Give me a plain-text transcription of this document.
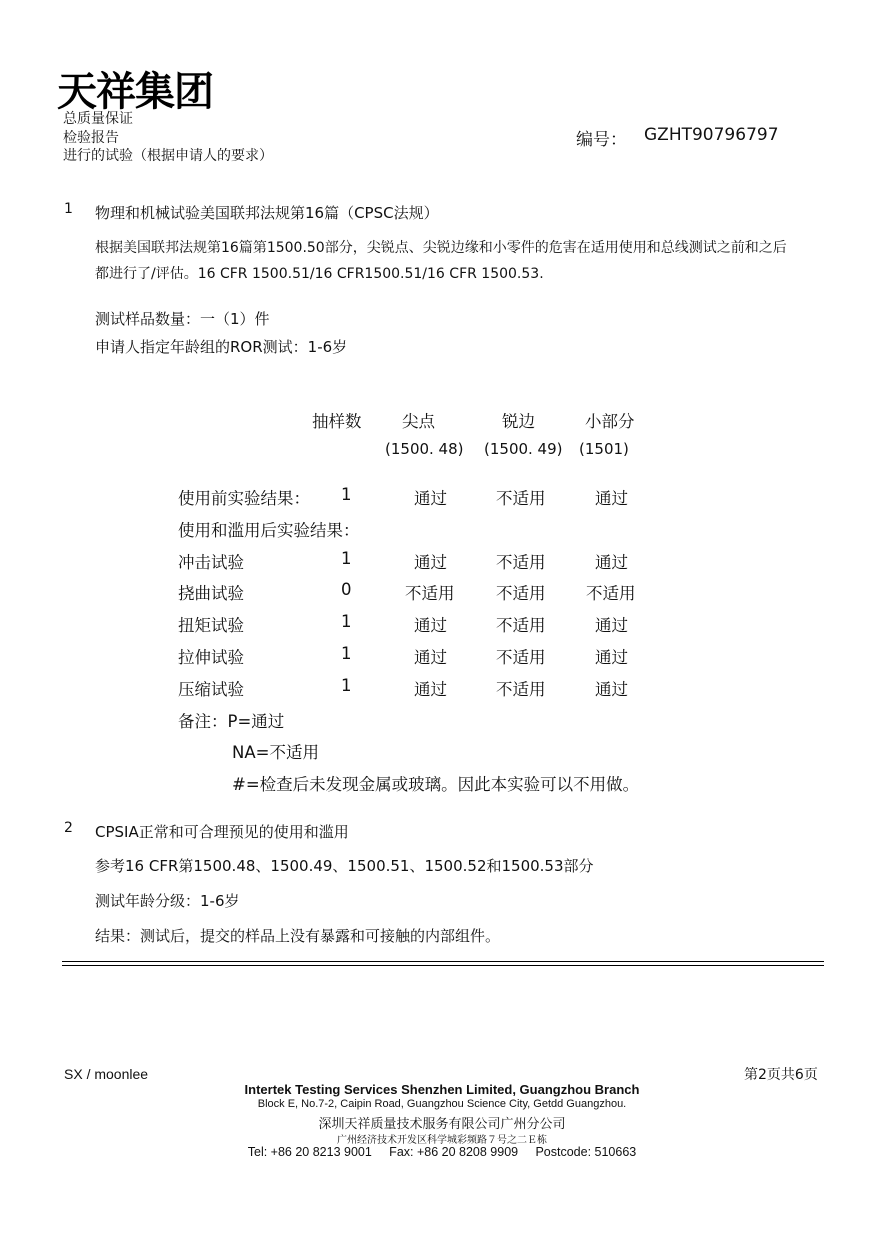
天祥集团
总质量保证
检验报告
进行的试验（根据申请人的要求）
编号： GZHT90796797
1 物理和机械试验美国联邦法规第16篇（CPSC法规）
根据美国联邦法规第16篇第1500.50部分，尖锐点、尖锐边缘和小零件的危害在适用使用和总线测试之前和之后
都进行了/评估。16 CFR 1500.51/16 CFR1500.51/16 CFR 1500.53.
测试样品数量：一（1）件
申请人指定年龄组的ROR测试：1-6岁
抽样数 尖点	锐边	小部分
(1500. 48) (1500. 49) (1501)
使用前实验结果： 1	通过	不适用	通过
使用和滥用后实验结果：
冲击试验	1	通过	不适用	通过
挠曲试验	0	不适用	不适用 不适用
扭矩试验	1	通过	不适用	通过
拉伸试验	1	通过	不适用	通过
压缩试验	1	通过	不适用	通过
备注：P=通过
NA=不适用
#=检查后未发现金属或玻璃。因此本实验可以不用做。
2 CPSIA正常和可合理预见的使用和滥用
参考16 CFR第1500.48、1500.49、1500.51、1500.52和1500.53部分
测试年龄分级：1-6岁
结果：测试后，提交的样品上没有暴露和可接触的内部组件。
SX / moonlee	第2页共6页
Intertek Testing Services Shenzhen Limited, Guangzhou Branch
Block E, No.7-2, Caipin Road, Guangzhou Science City, Getdd Guangzhou.
深圳天祥质量技术服务有限公司广州分公司
广州经济技术开发区科学城彩频路７号之二Ｅ栋
Tel: +86 20 8213 9001     Fax: +86 20 8208 9909     Postcode: 510663
